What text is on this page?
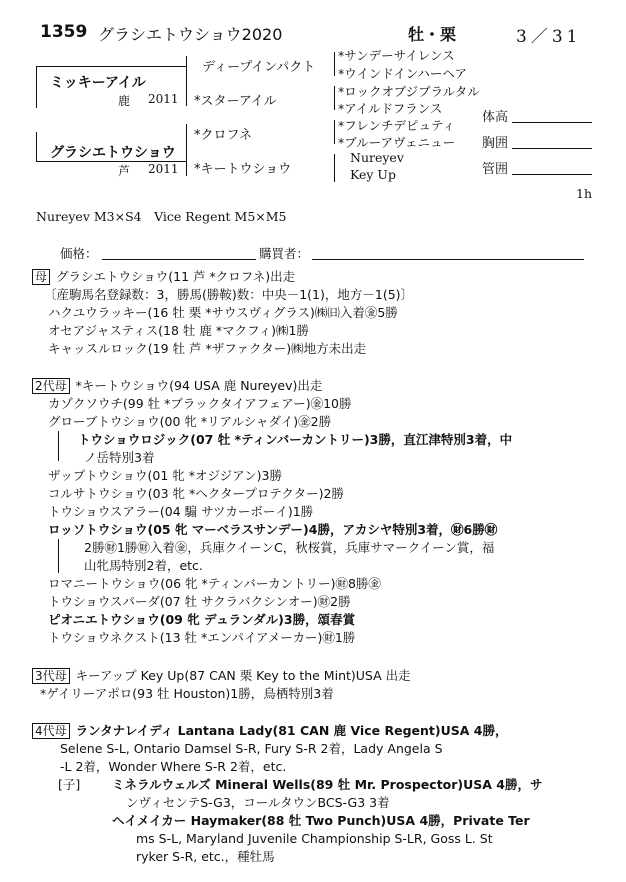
1359 グラシエトウショウ2020	牡・栗	3／31
ミッキーアイル
鹿 2011
ディープインパクト
*スターアイル
*サンデーサイレンス
*ウインドインハーヘア
*ロックオブジブラルタル
*アイルドフランス
グラシエトウショウ
芦 2011
*クロフネ
*キートウショウ
*フレンチデピュティ
*ブルーアヴェニュー
Nureyev
Key Up
体高
胸囲
管囲
1h
Nureyev M3×S4　Vice Regent M5×M5
価格：	購買者：
母 グラシエトウショウ(11 芦 *クロフネ)出走
〔産駒馬名登録数：3，勝馬(勝鞍)数：中央－1(1)，地方－1(5)〕
ハクユウラッキー(16 牡 栗 *サウスヴィグラス)㈱㈰入着㊎5勝
オセアジャスティス(18 牡 鹿 *マクフィ)㈱1勝
キャッスルロック(19 牡 芦 *ザファクター)㈱地方未出走
2代母 *キートウショウ(94 USA 鹿 Nureyev)出走
カゾクソウチ(99 牡 *ブラックタイアフェアー)㊎10勝
グローブトウショウ(00 牝 *リアルシャダイ)㊎2勝
トウショウロジック(07 牡 *ティンバーカントリー)3勝，直江津特別3着，中
ノ岳特別3着
ザップトウショウ(01 牝 *オジジアン)3勝
コルサトウショウ(03 牝 *ヘクタープロテクター)2勝
トウショウスアラー(04 騸 サツカーボーイ)1勝
ロッソトウショウ(05 牝 マーベラスサンデー)4勝，アカシヤ特別3着，㊖6勝㊖
2勝㊖1勝㊖入着㊎，兵庫クイーンC，秋桜賞，兵庫サマークイーン賞，福
山牝馬特別2着，etc.
ロマニートウショウ(06 牝 *ティンバーカントリー)㊖8勝㊎
トウショウスパーダ(07 牡 サクラバクシンオー)㊖2勝
ピオニエトウショウ(09 牝 デュランダル)3勝，頌春賞
トウショウネクスト(13 牡 *エンパイアメーカー)㊖1勝
3代母 キーアップ Key Up(87 CAN 栗 Key to the Mint)USA 出走
*ゲイリーアポロ(93 牡 Houston)1勝，鳥栖特別3着
4代母 ランタナレイディ Lantana Lady(81 CAN 鹿 Vice Regent)USA 4勝，
Selene S-L, Ontario Damsel S-R, Fury S-R 2着，Lady Angela S
-L 2着，Wonder Where S-R 2着，etc.
[子]	ミネラルウェルズ Mineral Wells(89 牡 Mr. Prospector)USA 4勝，サ
ンヴィセンテS-G3，コールタウンBCS-G3 3着
ヘイメイカー Haymaker(88 牡 Two Punch)USA 4勝，Private Ter
ms S-L, Maryland Juvenile Championship S-LR, Goss L. St
ryker S-R, etc.，種牡馬
